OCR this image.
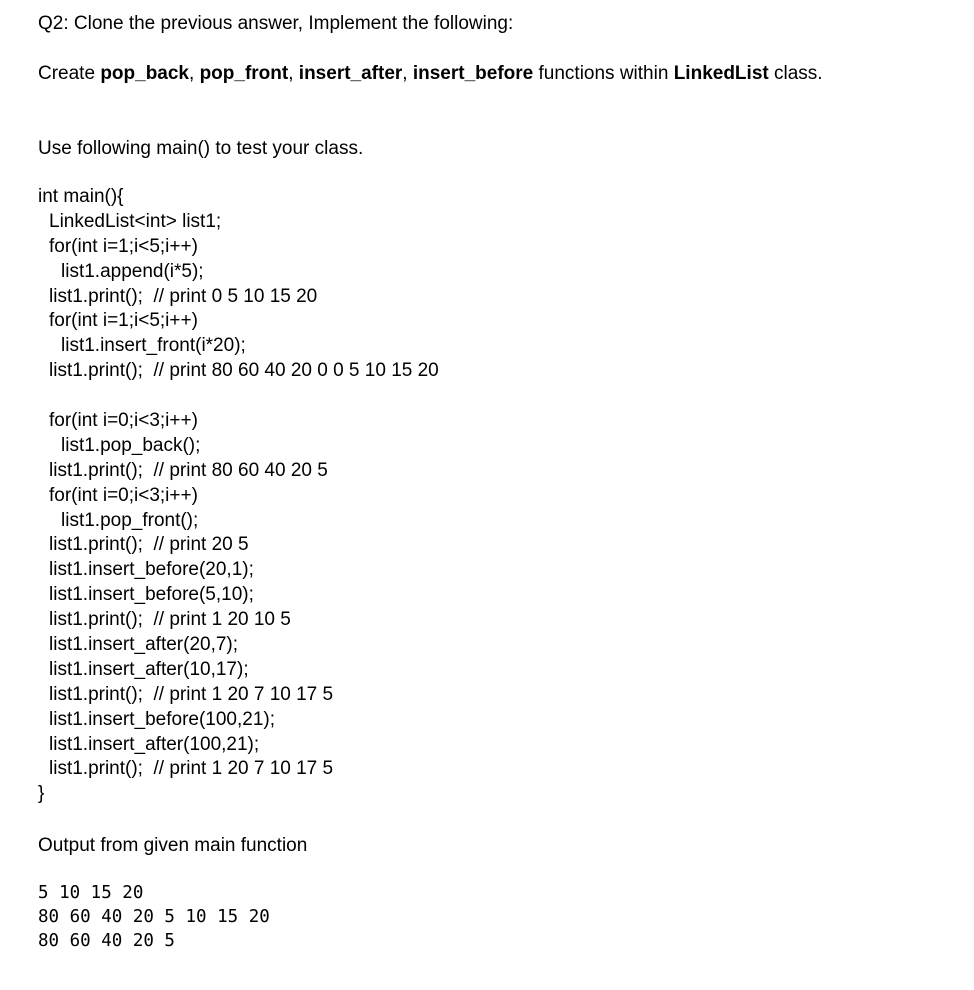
Q2: Clone the previous answer, Implement the following:

Create pop_back, pop_front, insert_after, insert_before functions within LinkedList class.

Use following main() to test your class.

int main(){
LinkedList<int> list1;
for(int i=1;i<5;i++)
list1.append(i*5);
list1.print();  // print 0 5 10 15 20
for(int i=1;i<5;i++)
list1.insert_front(i*20);
list1.print();  // print 80 60 40 20 0 0 5 10 15 20
for(int i=0;i<3;i++)
list1.pop_back();
list1.print();  // print 80 60 40 20 5
for(int i=0;i<3;i++)
list1.pop_front();
list1.print();  // print 20 5
list1.insert_before(20,1);
list1.insert_before(5,10);
list1.print();  // print 1 20 10 5
list1.insert_after(20,7);
list1.insert_after(10,17);
list1.print();  // print 1 20 7 10 17 5
list1.insert_before(100,21);
list1.insert_after(100,21);
list1.print();  // print 1 20 7 10 17 5
}

Output from given main function

5 10 15 20
80 60 40 20 5 10 15 20
80 60 40 20 5
